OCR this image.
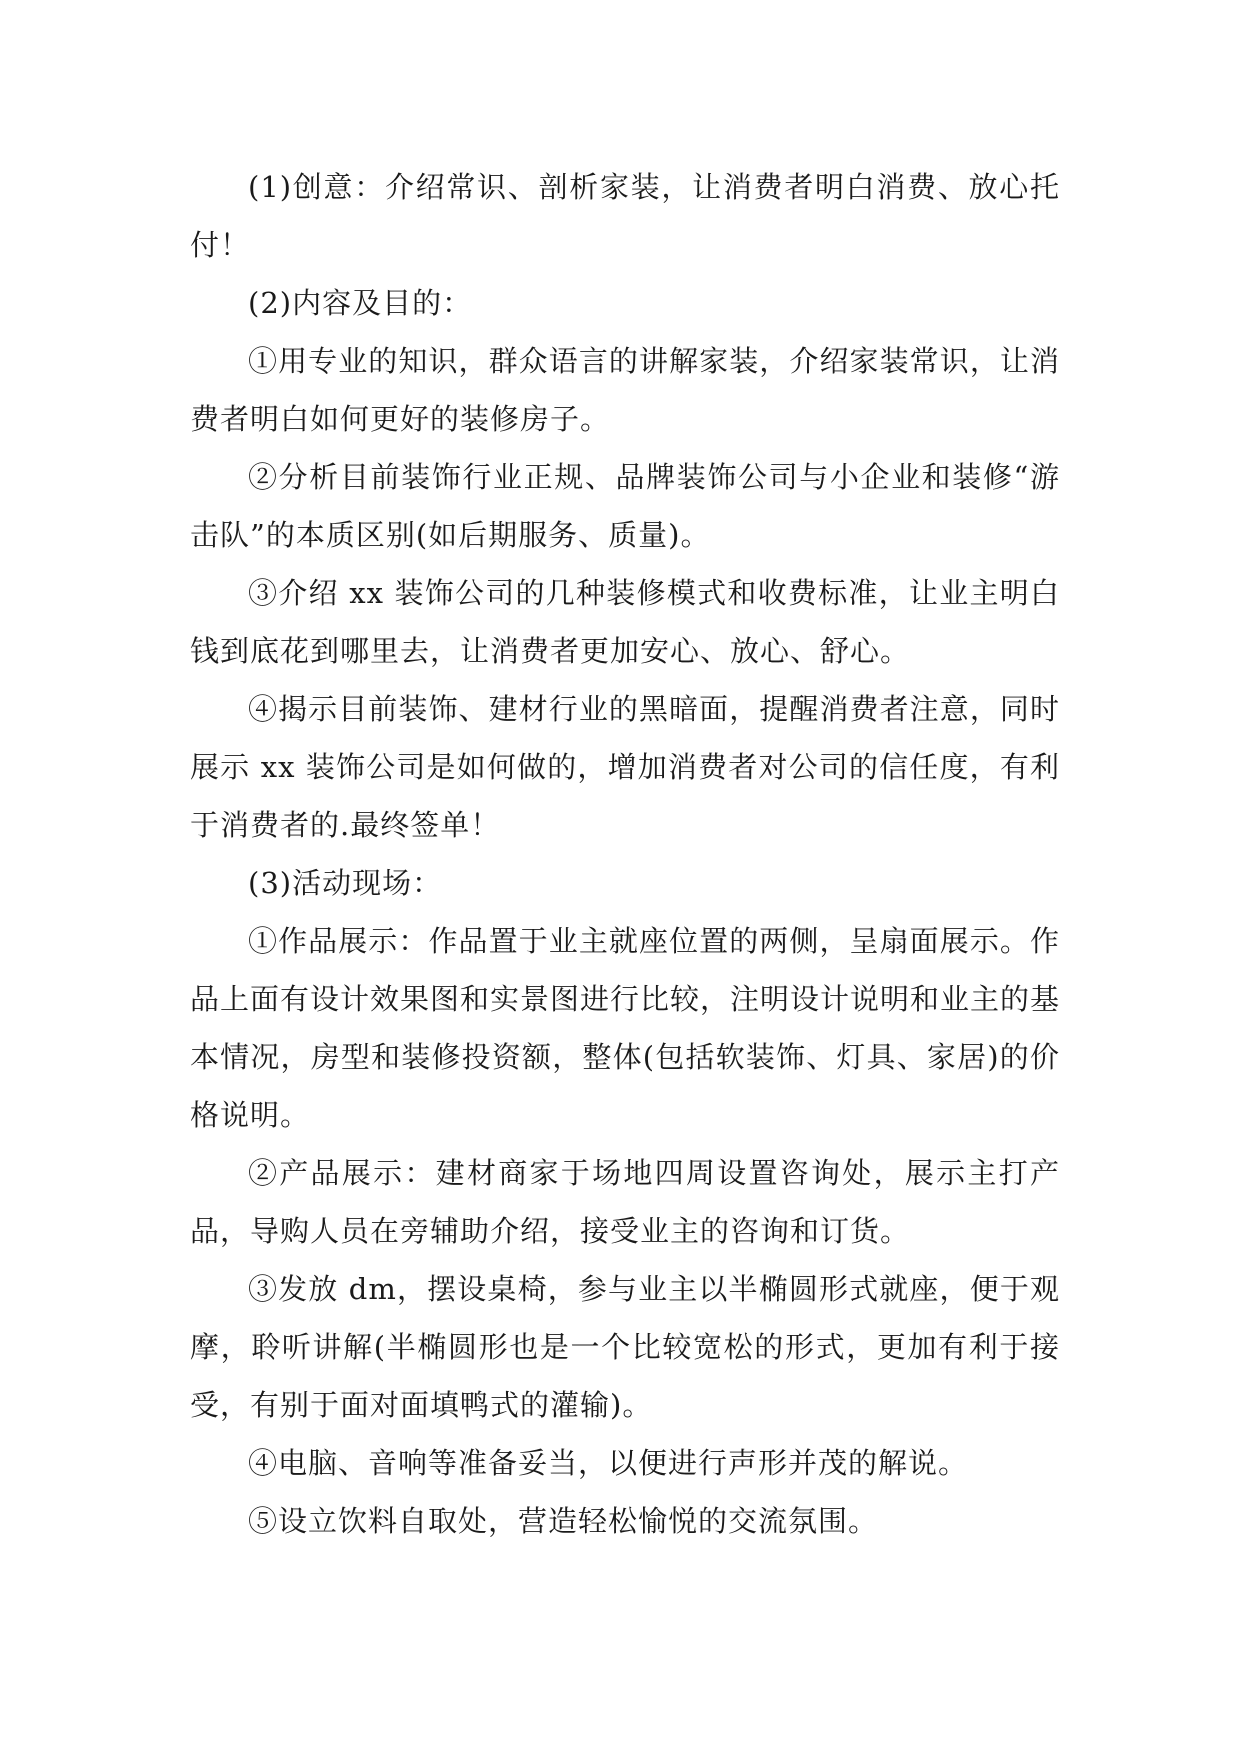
(1)创意：介绍常识、剖析家装，让消费者明白消费、放心托付！

(2)内容及目的：

①用专业的知识，群众语言的讲解家装，介绍家装常识，让消费者明白如何更好的装修房子。

②分析目前装饰行业正规、品牌装饰公司与小企业和装修“游击队”的本质区别(如后期服务、质量)。

③介绍 xx 装饰公司的几种装修模式和收费标准，让业主明白钱到底花到哪里去，让消费者更加安心、放心、舒心。

④揭示目前装饰、建材行业的黑暗面，提醒消费者注意，同时展示 xx 装饰公司是如何做的，增加消费者对公司的信任度，有利于消费者的.最终签单！

(3)活动现场：

①作品展示：作品置于业主就座位置的两侧，呈扇面展示。作品上面有设计效果图和实景图进行比较，注明设计说明和业主的基本情况，房型和装修投资额，整体(包括软装饰、灯具、家居)的价格说明。

②产品展示：建材商家于场地四周设置咨询处，展示主打产品，导购人员在旁辅助介绍，接受业主的咨询和订货。

③发放 dm，摆设桌椅，参与业主以半椭圆形式就座，便于观摩，聆听讲解(半椭圆形也是一个比较宽松的形式，更加有利于接受，有别于面对面填鸭式的灌输)。

④电脑、音响等准备妥当，以便进行声形并茂的解说。

⑤设立饮料自取处，营造轻松愉悦的交流氛围。
